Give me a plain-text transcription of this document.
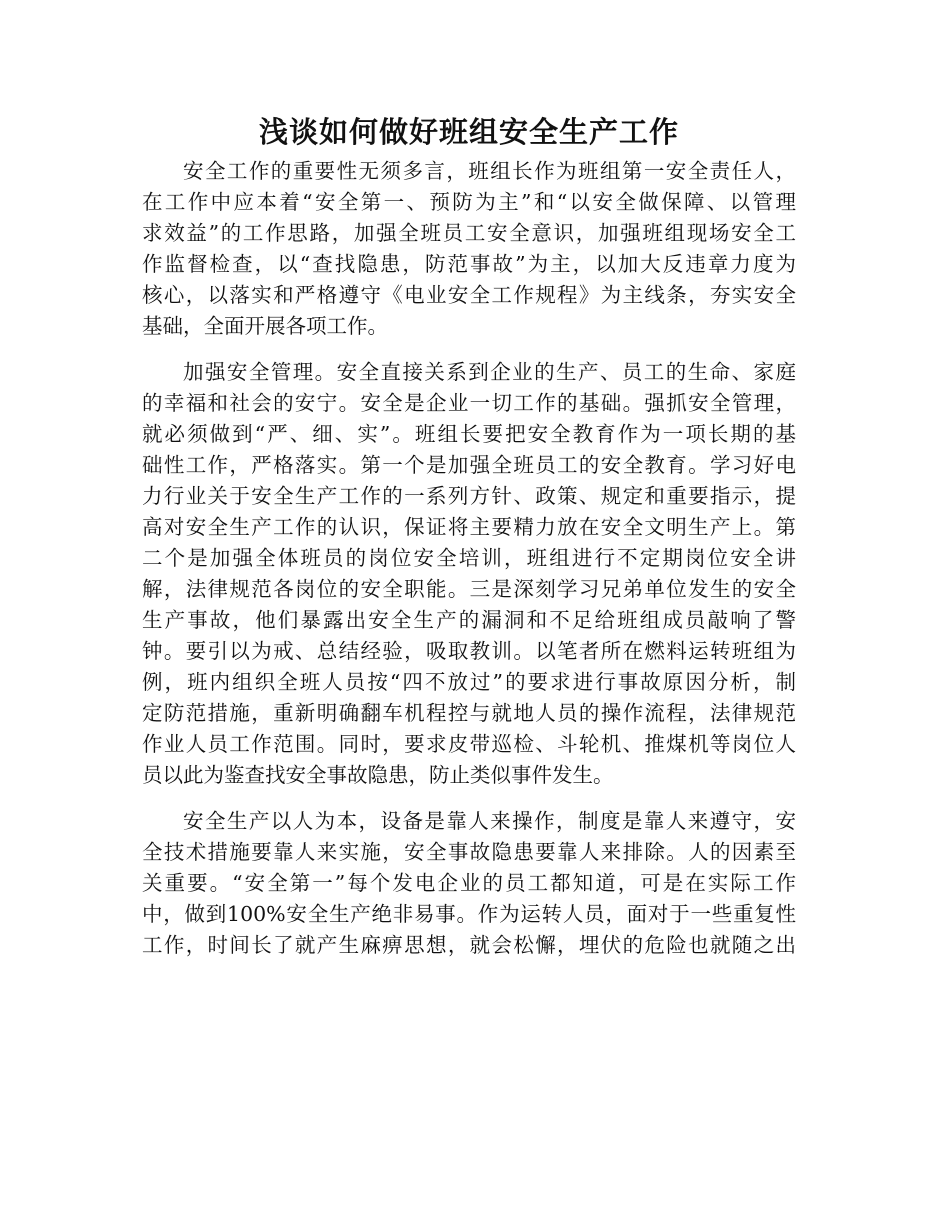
浅谈如何做好班组安全生产工作

安全工作的重要性无须多言，班组长作为班组第一安全责任人，
在工作中应本着“安全第一、预防为主”和“以安全做保障、以管理
求效益”的工作思路，加强全班员工安全意识，加强班组现场安全工
作监督检查，以“查找隐患，防范事故”为主，以加大反违章力度为
核心，以落实和严格遵守《电业安全工作规程》为主线条，夯实安全
基础，全面开展各项工作。

加强安全管理。安全直接关系到企业的生产、员工的生命、家庭
的幸福和社会的安宁。安全是企业一切工作的基础。强抓安全管理，
就必须做到“严、细、实”。班组长要把安全教育作为一项长期的基
础性工作，严格落实。第一个是加强全班员工的安全教育。学习好电
力行业关于安全生产工作的一系列方针、政策、规定和重要指示，提
高对安全生产工作的认识，保证将主要精力放在安全文明生产上。第
二个是加强全体班员的岗位安全培训，班组进行不定期岗位安全讲
解，法律规范各岗位的安全职能。三是深刻学习兄弟单位发生的安全
生产事故，他们暴露出安全生产的漏洞和不足给班组成员敲响了警
钟。要引以为戒、总结经验，吸取教训。以笔者所在燃料运转班组为
例，班内组织全班人员按“四不放过”的要求进行事故原因分析，制
定防范措施，重新明确翻车机程控与就地人员的操作流程，法律规范
作业人员工作范围。同时，要求皮带巡检、斗轮机、推煤机等岗位人
员以此为鉴查找安全事故隐患，防止类似事件发生。

安全生产以人为本，设备是靠人来操作，制度是靠人来遵守，安
全技术措施要靠人来实施，安全事故隐患要靠人来排除。人的因素至
关重要。“安全第一”每个发电企业的员工都知道，可是在实际工作
中，做到100%安全生产绝非易事。作为运转人员，面对于一些重复性
工作，时间长了就产生麻痹思想，就会松懈，埋伏的危险也就随之出
